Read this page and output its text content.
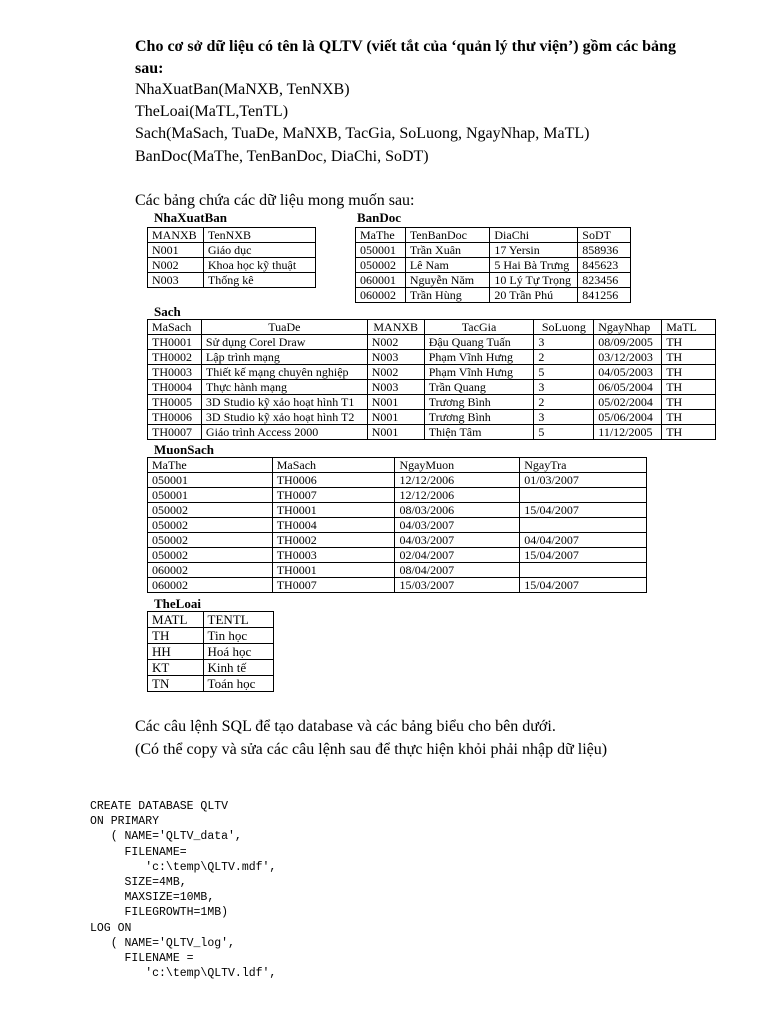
Cho cơ sở dữ liệu có tên là QLTV (viết tắt của ‘quản lý thư viện’) gồm các bảng
sau:
NhaXuatBan(MaNXB, TenNXB)
TheLoai(MaTL,TenTL)
Sach(MaSach, TuaDe, MaNXB, TacGia, SoLuong, NgayNhap, MaTL)
BanDoc(MaThe, TenBanDoc, DiaChi, SoDT)
Các bảng chứa các dữ liệu mong muốn sau:
NhaXuatBan
MANXB	TenNXB
N001	Giáo dục
N002	Khoa học kỹ thuật
N003	Thống kê
BanDoc
MaThe	TenBanDoc	DiaChi	SoDT
050001	Trần Xuân	17 Yersin	858936
050002	Lê Nam	5 Hai Bà Trưng	845623
060001	Nguyễn Năm	10 Lý Tự Trọng	823456
060002	Trần Hùng	20 Trần Phú	841256
Sach
MaSach	TuaDe	MANXB	TacGia	SoLuong	NgayNhap	MaTL
TH0001	Sử dụng Corel Draw	N002	Đậu Quang Tuấn	3	08/09/2005	TH
TH0002	Lập trình mạng	N003	Phạm Vĩnh Hưng	2	03/12/2003	TH
TH0003	Thiết kế mạng chuyên nghiệp	N002	Phạm Vĩnh Hưng	5	04/05/2003	TH
TH0004	Thực hành mạng	N003	Trần Quang	3	06/05/2004	TH
TH0005	3D Studio kỹ xảo hoạt hình T1	N001	Trương Bình	2	05/02/2004	TH
TH0006	3D Studio kỹ xảo hoạt hình T2	N001	Trương Bình	3	05/06/2004	TH
TH0007	Giáo trình Access 2000	N001	Thiện Tâm	5	11/12/2005	TH
MuonSach
MaThe	MaSach	NgayMuon	NgayTra
050001	TH0006	12/12/2006	01/03/2007
050001	TH0007	12/12/2006	
050002	TH0001	08/03/2006	15/04/2007
050002	TH0004	04/03/2007	
050002	TH0002	04/03/2007	04/04/2007
050002	TH0003	02/04/2007	15/04/2007
060002	TH0001	08/04/2007	
060002	TH0007	15/03/2007	15/04/2007
TheLoai
MATL	TENTL
TH	Tin học
HH	Hoá học
KT	Kinh tế
TN	Toán học
Các câu lệnh SQL để tạo database và các bảng biểu cho bên dưới.
(Có thể copy và sửa các câu lệnh sau để thực hiện khỏi phải nhập dữ liệu)
CREATE DATABASE QLTV
ON PRIMARY
( NAME='QLTV_data',
FILENAME=
'c:\temp\QLTV.mdf',
SIZE=4MB,
MAXSIZE=10MB,
FILEGROWTH=1MB)
LOG ON
( NAME='QLTV_log',
FILENAME =
'c:\temp\QLTV.ldf',
